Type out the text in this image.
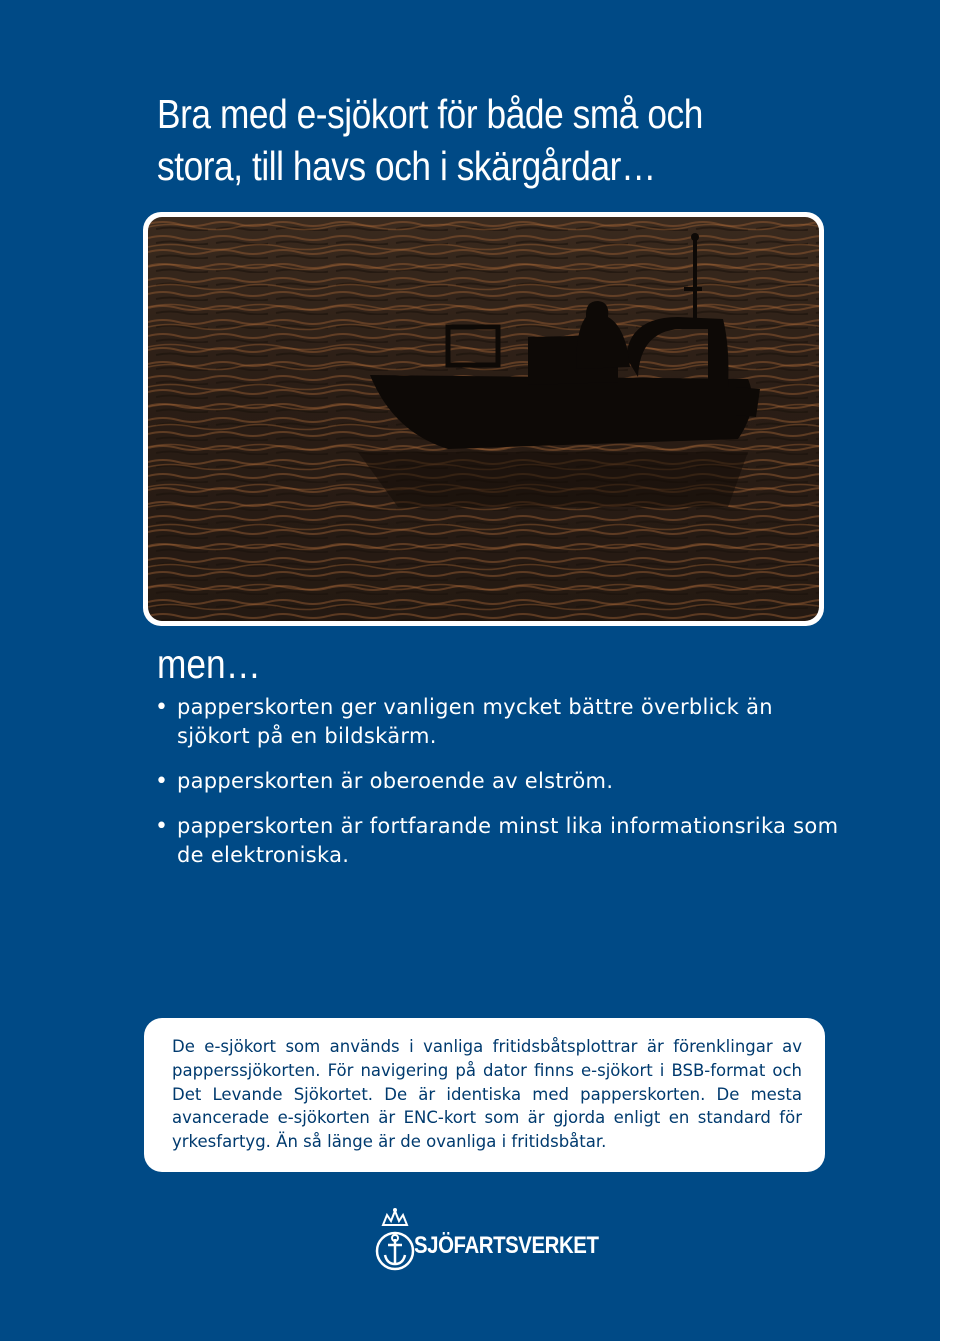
Bra med e-sjökort för både små och
stora, till havs och i skärgårdar…
men…
• papperskorten ger vanligen mycket bättre överblick än sjökort på en bildskärm.
• papperskorten är oberoende av elström.
• papperskorten är fortfarande minst lika informationsrika som de elektroniska.
De e-sjökort som används i vanliga fritidsbåtsplottrar är förenklingar av papperssjökorten. För navigering på dator finns e-sjökort i BSB-format och Det Levande Sjökortet. De är identiska med papperskorten. De mesta avancerade e-sjökorten är ENC-kort som är gjorda enligt en standard för yrkesfartyg. Än så länge är de ovanliga i fritidsbåtar.
SJÖFARTSVERKET
